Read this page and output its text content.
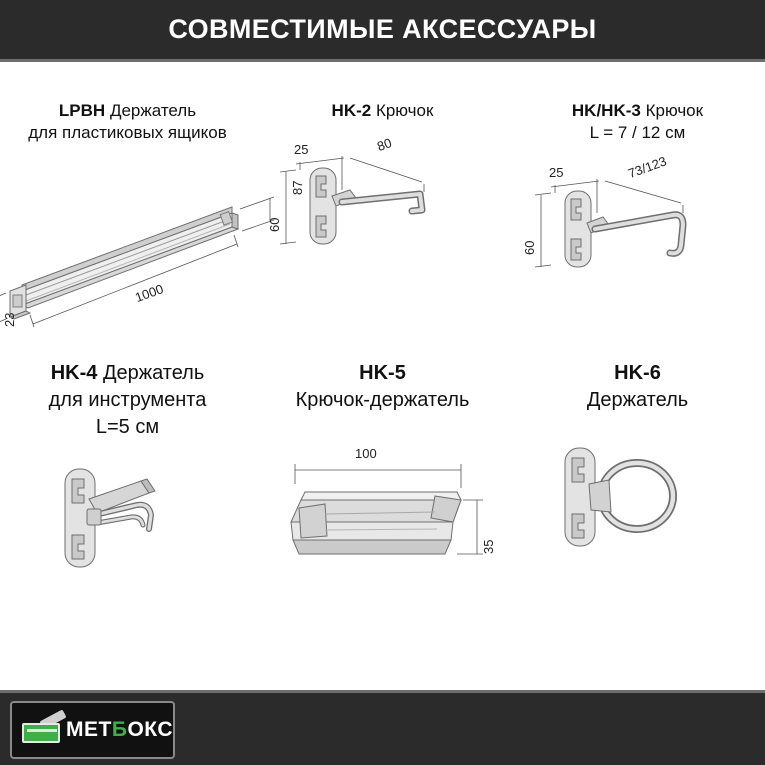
СОВМЕСТИМЫЕ АКСЕССУАРЫ
LPBH Держатель
для пластиковых ящиков
87
1000
23
HK-2 Крючок
25	80
60
HK/HK-3 Крючок
L = 7 / 12 см
25	73/123
60
HK-4 Держатель
для инструмента
L=5 см
HK-5
Крючок-держатель
100
35
HK-6
Держатель
МЕТБОКС
